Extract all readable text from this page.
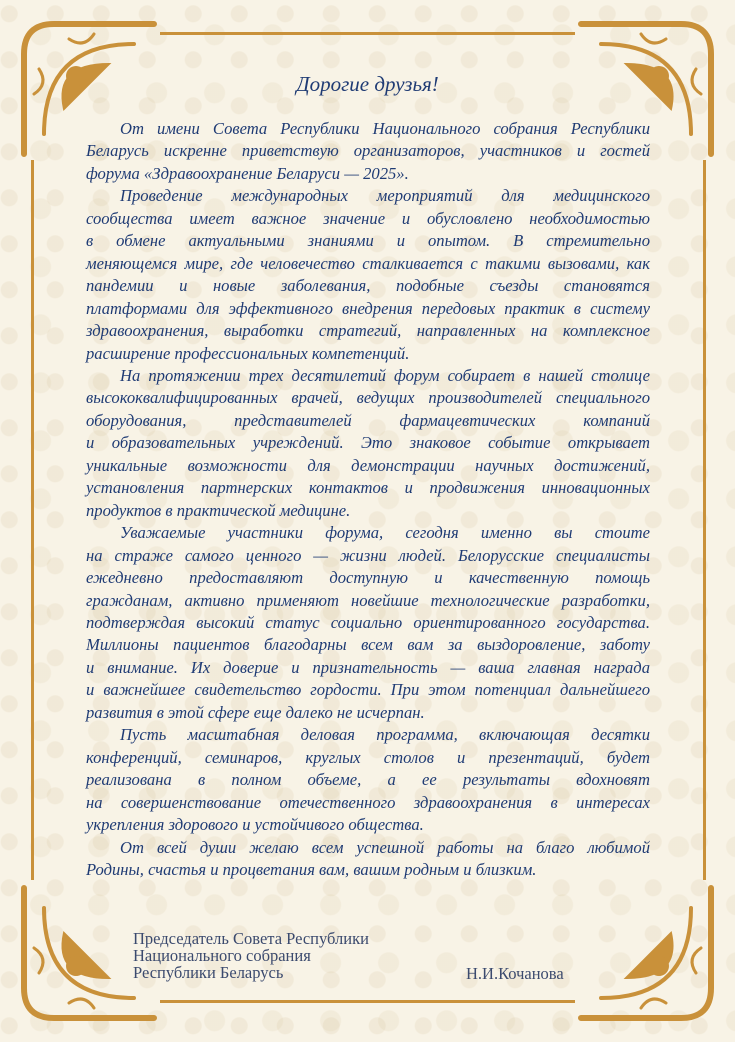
Дорогие друзья!
От имени Совета Республики Национального собрания Республики
Беларусь искренне приветствую организаторов, участников и гостей
форума «Здравоохранение Беларуси — 2025».
Проведение международных мероприятий для медицинского
сообщества имеет важное значение и обусловлено необходимостью
в обмене актуальными знаниями и опытом. В стремительно
меняющемся мире, где человечество сталкивается с такими вызовами, как
пандемии и новые заболевания, подобные съезды становятся
платформами для эффективного внедрения передовых практик в систему
здравоохранения, выработки стратегий, направленных на комплексное
расширение профессиональных компетенций.
На протяжении трех десятилетий форум собирает в нашей столице
высококвалифицированных врачей, ведущих производителей специального
оборудования, представителей фармацевтических компаний
и образовательных учреждений. Это знаковое событие открывает
уникальные возможности для демонстрации научных достижений,
установления партнерских контактов и продвижения инновационных
продуктов в практической медицине.
Уважаемые участники форума, сегодня именно вы стоите
на страже самого ценного — жизни людей. Белорусские специалисты
ежедневно предоставляют доступную и качественную помощь
гражданам, активно применяют новейшие технологические разработки,
подтверждая высокий статус социально ориентированного государства.
Миллионы пациентов благодарны всем вам за выздоровление, заботу
и внимание. Их доверие и признательность — ваша главная награда
и важнейшее свидетельство гордости. При этом потенциал дальнейшего
развития в этой сфере еще далеко не исчерпан.
Пусть масштабная деловая программа, включающая десятки
конференций, семинаров, круглых столов и презентаций, будет
реализована в полном объеме, а ее результаты вдохновят
на совершенствование отечественного здравоохранения в интересах
укрепления здорового и устойчивого общества.
От всей души желаю всем успешной работы на благо любимой
Родины, счастья и процветания вам, вашим родным и близким.
Председатель Совета Республики
Национального собрания
Республики Беларусь	Н.И.Кочанова
